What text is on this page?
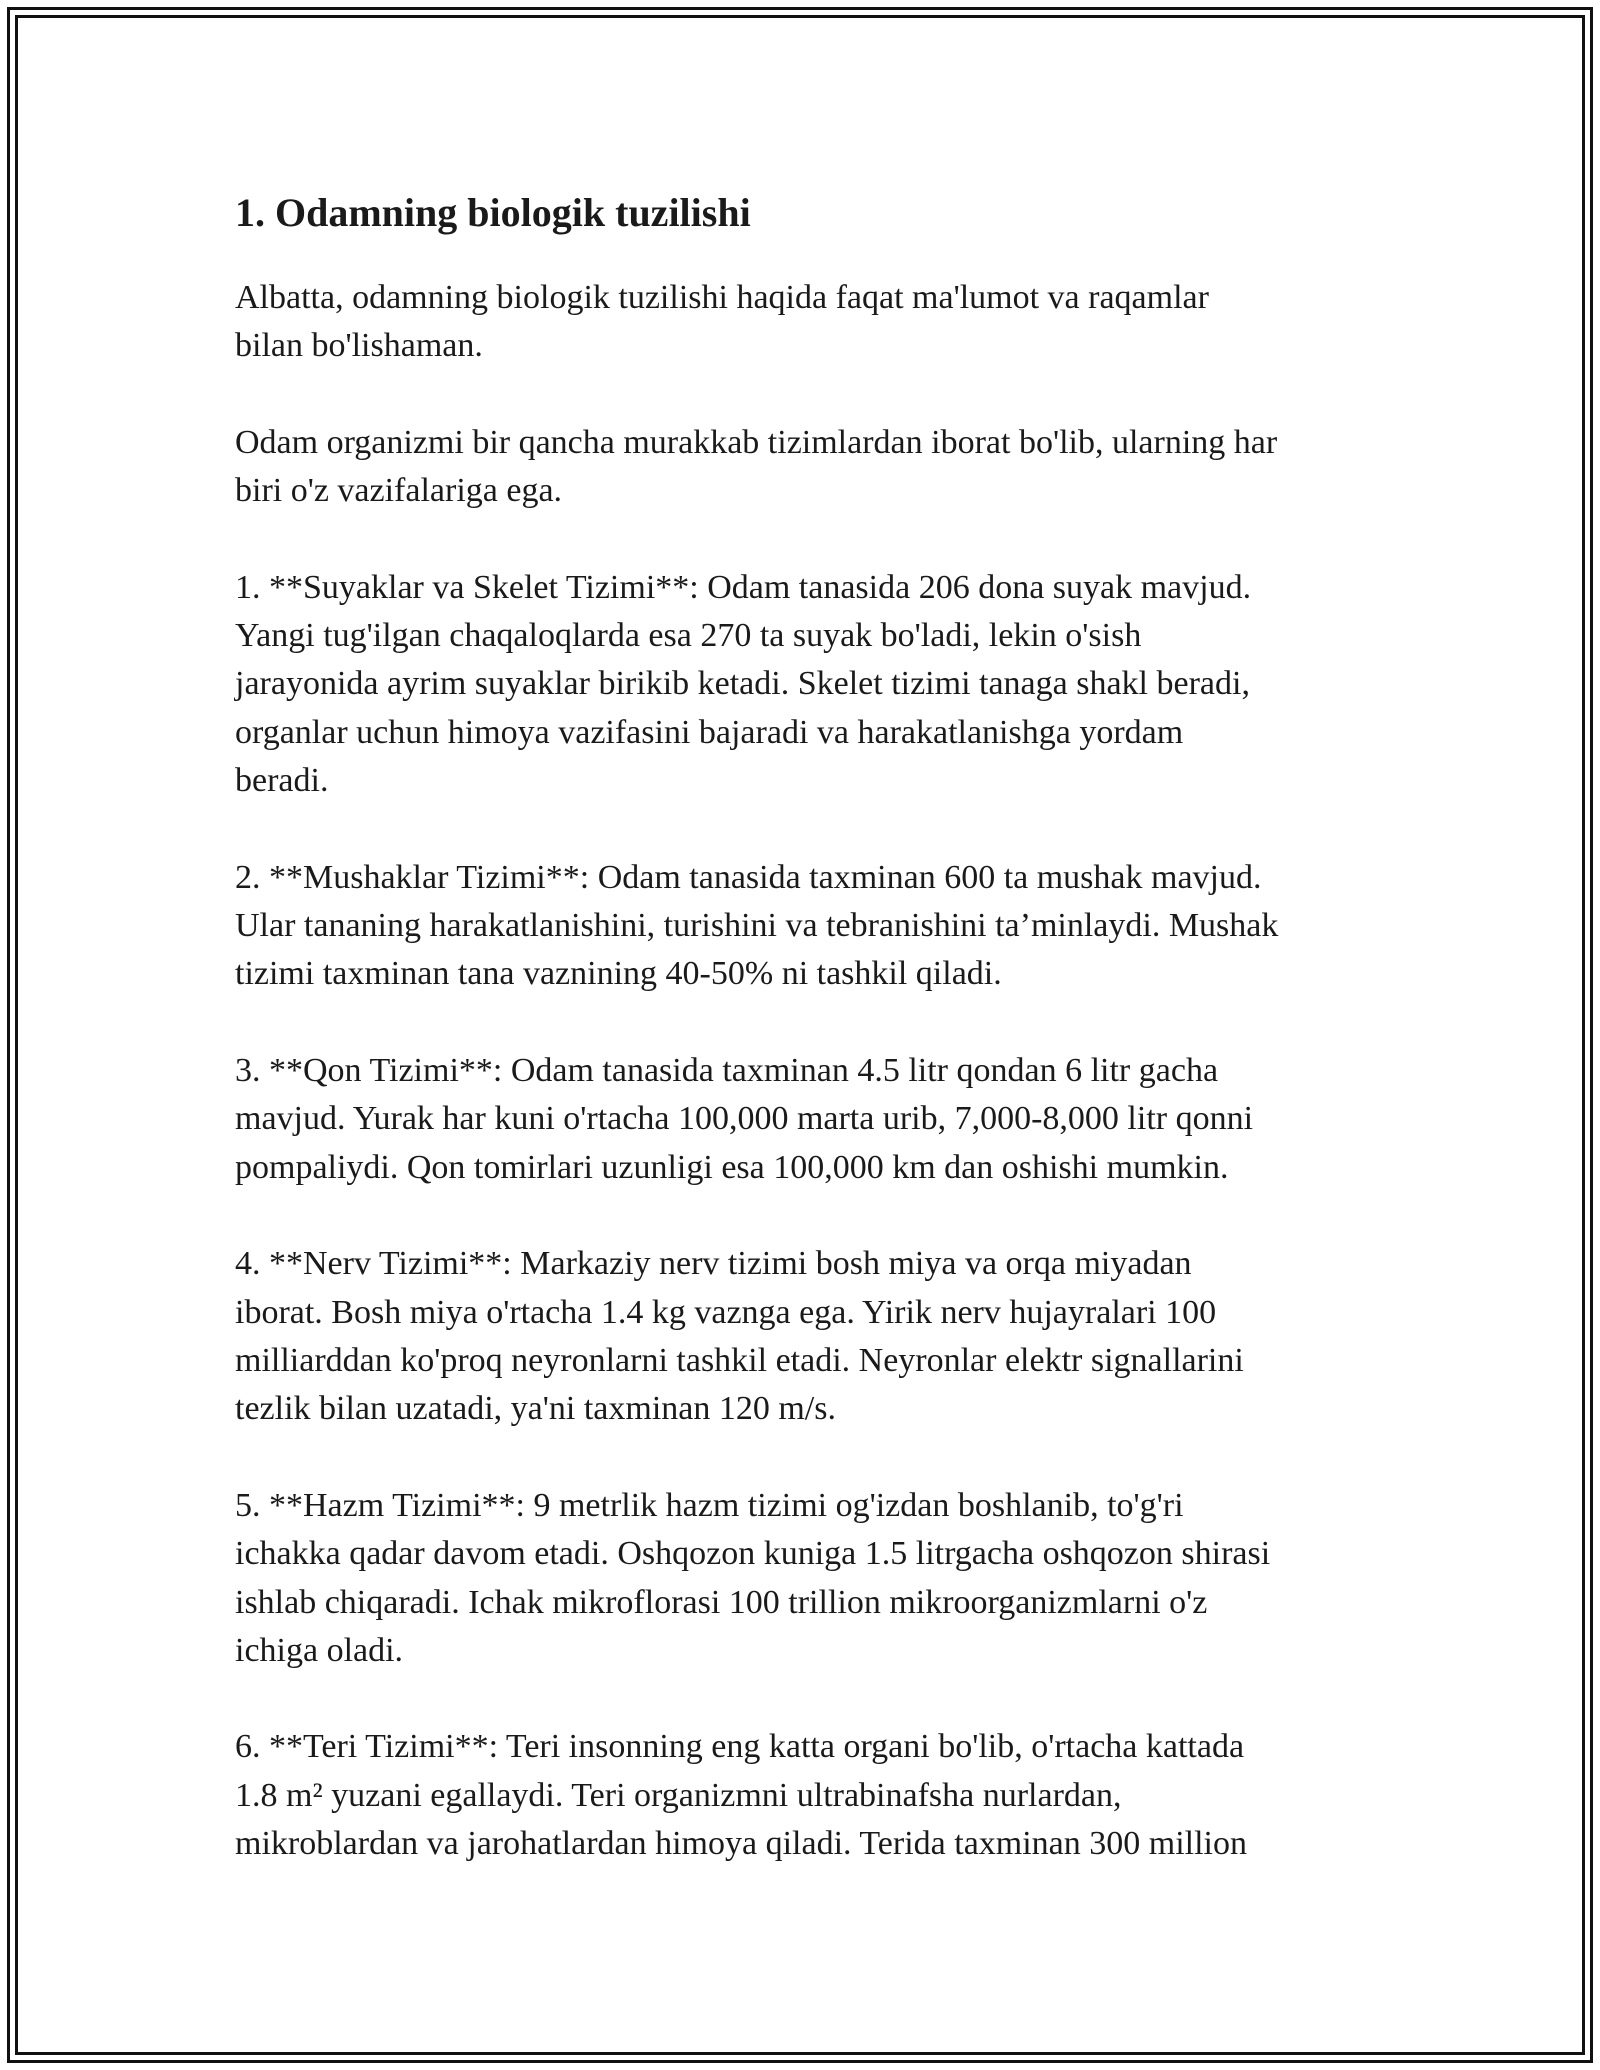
1. Odamning biologik tuzilishi

Albatta, odamning biologik tuzilishi haqida faqat ma'lumot va raqamlar
bilan bo'lishaman.

Odam organizmi bir qancha murakkab tizimlardan iborat bo'lib, ularning har
biri o'z vazifalariga ega.

1. **Suyaklar va Skelet Tizimi**: Odam tanasida 206 dona suyak mavjud.
Yangi tug'ilgan chaqaloqlarda esa 270 ta suyak bo'ladi, lekin o'sish
jarayonida ayrim suyaklar birikib ketadi. Skelet tizimi tanaga shakl beradi,
organlar uchun himoya vazifasini bajaradi va harakatlanishga yordam
beradi.

2. **Mushaklar Tizimi**: Odam tanasida taxminan 600 ta mushak mavjud.
Ular tananing harakatlanishini, turishini va tebranishini ta’minlaydi. Mushak
tizimi taxminan tana vaznining 40-50% ni tashkil qiladi.

3. **Qon Tizimi**: Odam tanasida taxminan 4.5 litr qondan 6 litr gacha
mavjud. Yurak har kuni o'rtacha 100,000 marta urib, 7,000-8,000 litr qonni
pompaliydi. Qon tomirlari uzunligi esa 100,000 km dan oshishi mumkin.

4. **Nerv Tizimi**: Markaziy nerv tizimi bosh miya va orqa miyadan
iborat. Bosh miya o'rtacha 1.4 kg vaznga ega. Yirik nerv hujayralari 100
milliarddan ko'proq neyronlarni tashkil etadi. Neyronlar elektr signallarini
tezlik bilan uzatadi, ya'ni taxminan 120 m/s.

5. **Hazm Tizimi**: 9 metrlik hazm tizimi og'izdan boshlanib, to'g'ri
ichakka qadar davom etadi. Oshqozon kuniga 1.5 litrgacha oshqozon shirasi
ishlab chiqaradi. Ichak mikroflorasi 100 trillion mikroorganizmlarni o'z
ichiga oladi.

6. **Teri Tizimi**: Teri insonning eng katta organi bo'lib, o'rtacha kattada
1.8 m² yuzani egallaydi. Teri organizmni ultrabinafsha nurlardan,
mikroblardan va jarohatlardan himoya qiladi. Terida taxminan 300 million
